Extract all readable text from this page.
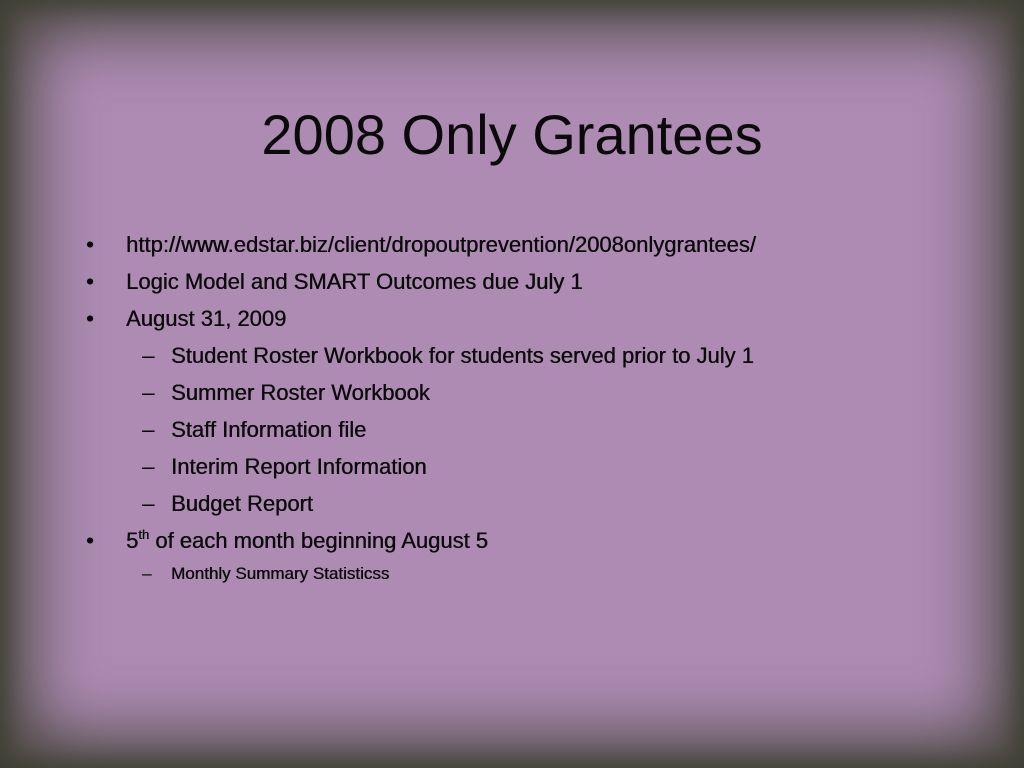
2008 Only Grantees
• http://www.edstar.biz/client/dropoutprevention/2008onlygrantees/
• Logic Model and SMART Outcomes due July 1
• August 31, 2009
– Student Roster Workbook for students served prior to July 1
– Summer Roster Workbook
– Staff Information file
– Interim Report Information
– Budget Report
• 5th of each month beginning August 5
– Monthly Summary Statisticss
